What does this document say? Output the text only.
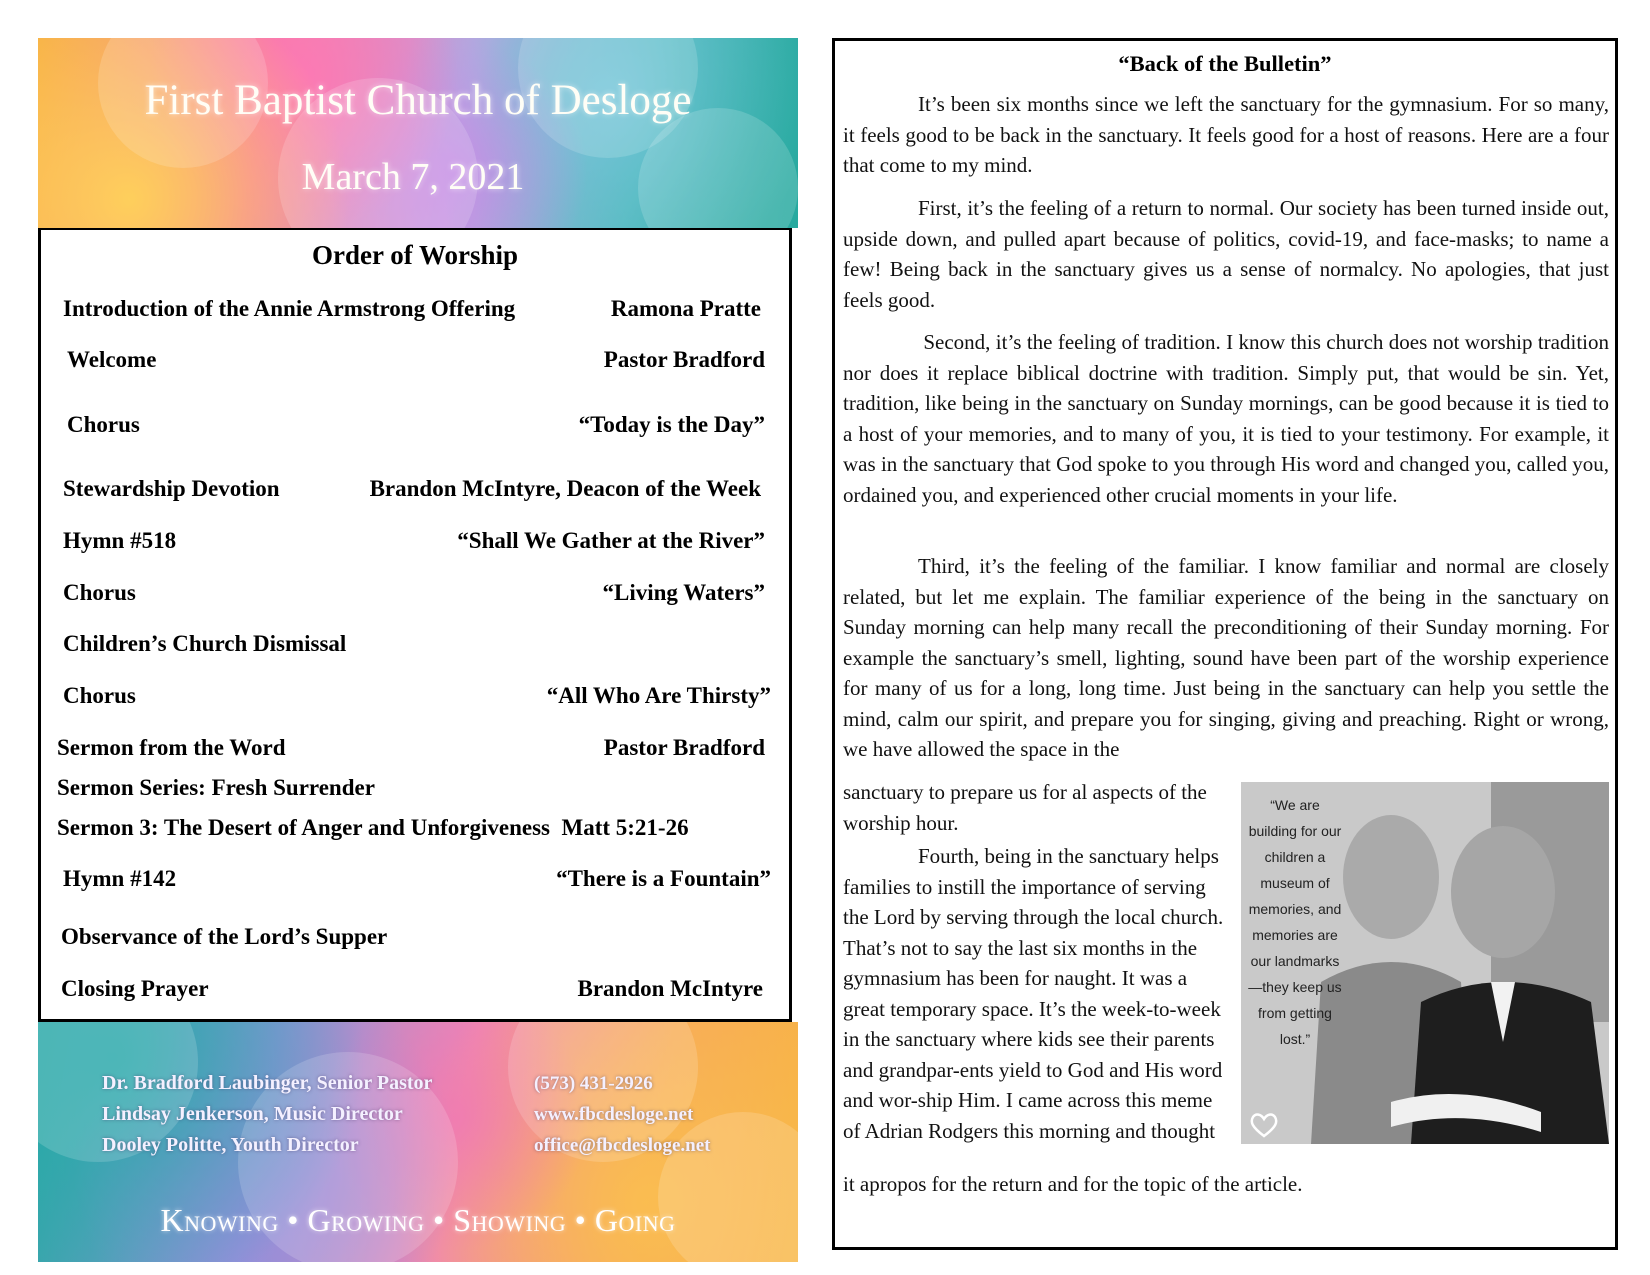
First Baptist Church of Desloge
March 7, 2021
Order of Worship
Introduction of the Annie Armstrong Offering	Ramona Pratte
Welcome	Pastor Bradford
Chorus	“Today is the Day”
Stewardship Devotion	Brandon McIntyre, Deacon of the Week
Hymn #518	“Shall We Gather at the River”
Chorus	“Living Waters”
Children’s Church Dismissal
Chorus	“All Who Are Thirsty”
Sermon from the Word	Pastor Bradford
Sermon Series: Fresh Surrender
Sermon 3: The Desert of Anger and Unforgiveness  Matt 5:21-26
Hymn #142	“There is a Fountain”
Observance of the Lord’s Supper
Closing Prayer	Brandon McIntyre
Dr. Bradford Laubinger, Senior Pastor
Lindsay Jenkerson, Music Director
Dooley Politte, Youth Director
(573) 431-2926
www.fbcdesloge.net
office@fbcdesloge.net
Knowing • Growing • Showing • Going
“Back of the Bulletin”
It’s been six months since we left the sanctuary for the gymnasium. For so many, it feels good to be back in the sanctuary. It feels good for a host of reasons. Here are a four that come to my mind.
First, it’s the feeling of a return to normal. Our society has been turned inside out, upside down, and pulled apart because of politics, covid-19, and face-masks; to name a few! Being back in the sanctuary gives us a sense of normalcy. No apologies, that just feels good.
Second, it’s the feeling of tradition. I know this church does not worship tradition nor does it replace biblical doctrine with tradition. Simply put, that would be sin. Yet, tradition, like being in the sanctuary on Sunday mornings, can be good because it is tied to a host of your memories, and to many of you, it is tied to your testimony. For example, it was in the sanctuary that God spoke to you through His word and changed you, called you, ordained you, and experienced other crucial moments in your life.
Third, it’s the feeling of the familiar. I know familiar and normal are closely related, but let me explain. The familiar experience of the being in the sanctuary on Sunday morning can help many recall the preconditioning of their Sunday morning. For example the sanctuary’s smell, lighting, sound have been part of the worship experience for many of us for a long, long time. Just being in the sanctuary can help you settle the mind, calm our spirit, and prepare you for singing, giving and preaching. Right or wrong, we have allowed the space in the
sanctuary to prepare us for al aspects of the worship hour.
Fourth, being in the sanctuary helps families to instill the importance of serving the Lord by serving through the local church. That’s not to say the last six months in the gymnasium has been for naught. It was a great temporary space. It’s the week-to-week in the sanctuary where kids see their parents and grandpar-ents yield to God and His word and wor-ship Him. I came across this meme of Adrian Rodgers this morning and thought
it apropos for the return and for the topic of the article.
“We are building for our children a museum of memories, and memories are our landmarks—they keep us from getting lost.”
